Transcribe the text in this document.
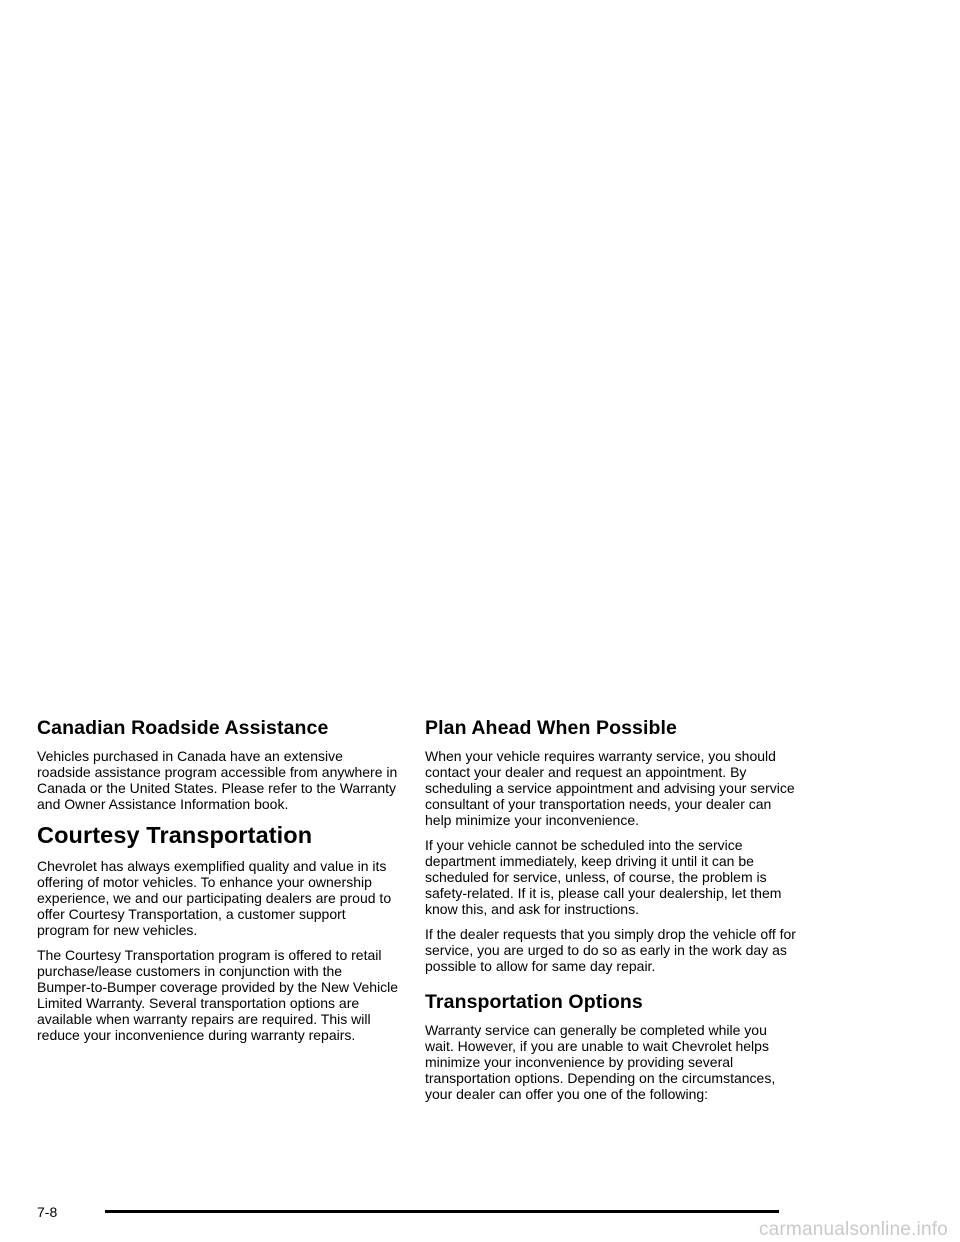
Canadian Roadside Assistance

Vehicles purchased in Canada have an extensive roadside assistance program accessible from anywhere in Canada or the United States. Please refer to the Warranty and Owner Assistance Information book.

Courtesy Transportation

Chevrolet has always exemplified quality and value in its offering of motor vehicles. To enhance your ownership experience, we and our participating dealers are proud to offer Courtesy Transportation, a customer support program for new vehicles.

The Courtesy Transportation program is offered to retail purchase/lease customers in conjunction with the Bumper-to-Bumper coverage provided by the New Vehicle Limited Warranty. Several transportation options are available when warranty repairs are required. This will reduce your inconvenience during warranty repairs.

Plan Ahead When Possible

When your vehicle requires warranty service, you should contact your dealer and request an appointment. By scheduling a service appointment and advising your service consultant of your transportation needs, your dealer can help minimize your inconvenience.

If your vehicle cannot be scheduled into the service department immediately, keep driving it until it can be scheduled for service, unless, of course, the problem is safety-related. If it is, please call your dealership, let them know this, and ask for instructions.

If the dealer requests that you simply drop the vehicle off for service, you are urged to do so as early in the work day as possible to allow for same day repair.

Transportation Options

Warranty service can generally be completed while you wait. However, if you are unable to wait Chevrolet helps minimize your inconvenience by providing several transportation options. Depending on the circumstances, your dealer can offer you one of the following:

7-8
carmanualsonline.info
